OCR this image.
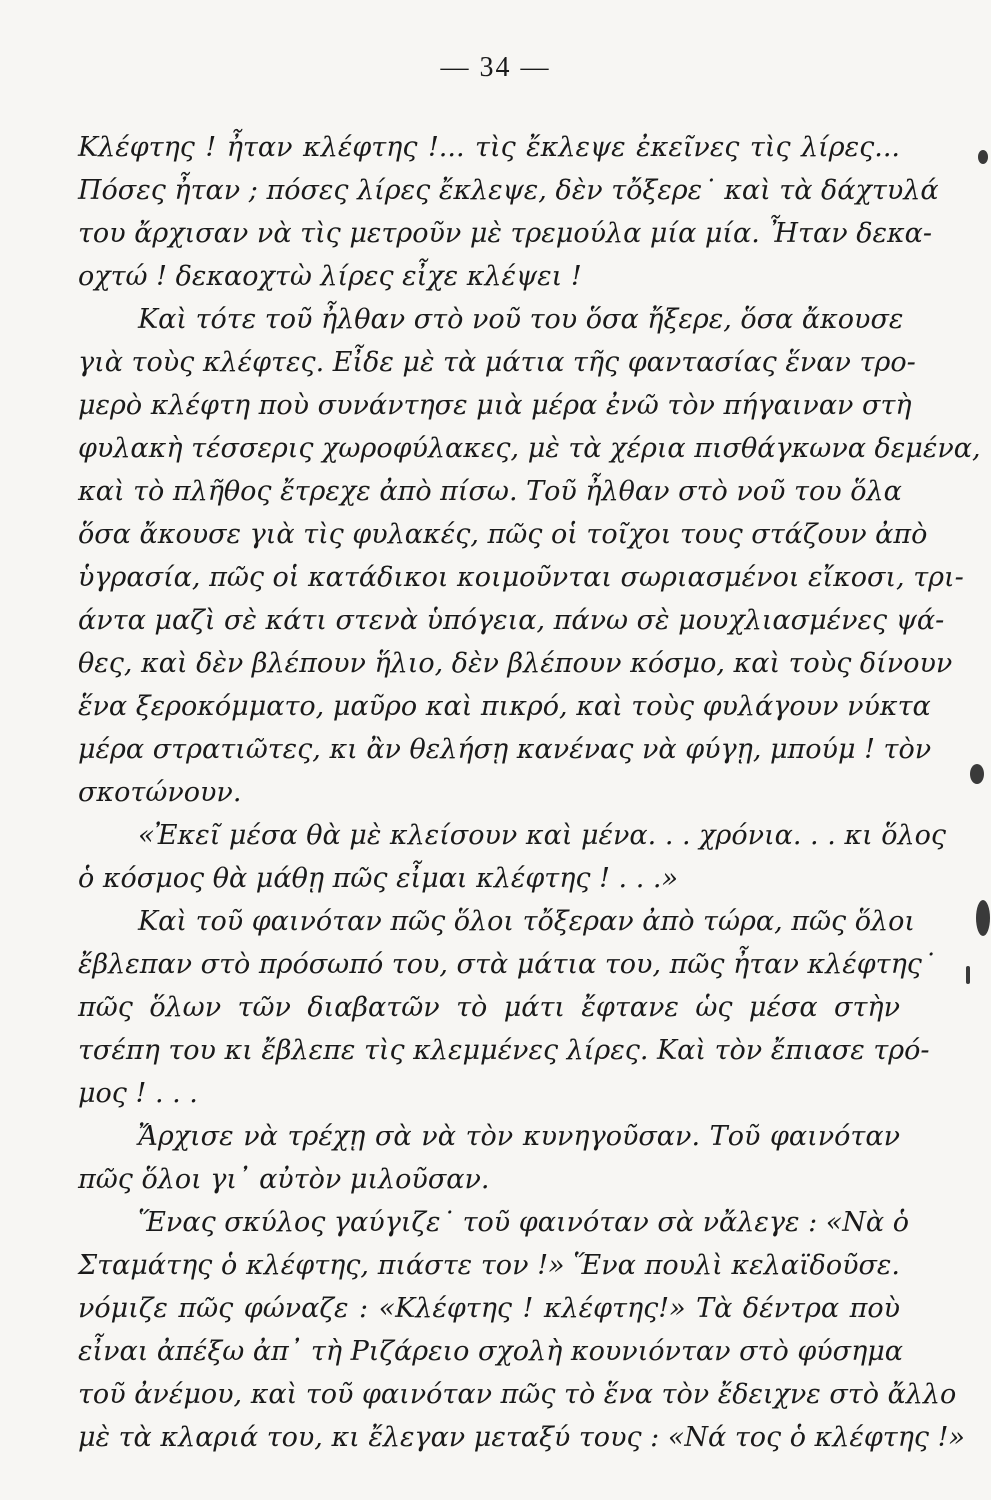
— 34 —
Κλέφτης ! ἦταν κλέφτης !... τὶς ἔκλεψε ἐκεῖνες τὶς λίρες...
Πόσες ἦταν ; πόσες λίρες ἔκλεψε, δὲν τὄξερε˙ καὶ τὰ δάχτυλά
του ἄρχισαν νὰ τὶς μετροῦν μὲ τρεμούλα μία μία. Ἦταν δεκα-
οχτώ ! δεκαοχτὼ λίρες εἶχε κλέψει !
Καὶ τότε τοῦ ἦλθαν στὸ νοῦ του ὅσα ἤξερε, ὅσα ἄκουσε
γιὰ τοὺς κλέφτες. Εἶδε μὲ τὰ μάτια τῆς φαντασίας ἕναν τρο-
μερὸ κλέφτη ποὺ συνάντησε μιὰ μέρα ἐνῶ τὸν πήγαιναν στὴ
φυλακὴ τέσσερις χωροφύλακες, μὲ τὰ χέρια πισθάγκωνα δεμένα,
καὶ τὸ πλῆθος ἔτρεχε ἀπὸ πίσω. Τοῦ ἦλθαν στὸ νοῦ του ὅλα
ὅσα ἄκουσε γιὰ τὶς φυλακές, πῶς οἱ τοῖχοι τους στάζουν ἀπὸ
ὑγρασία, πῶς οἱ κατάδικοι κοιμοῦνται σωριασμένοι εἴκοσι, τρι-
άντα μαζὶ σὲ κάτι στενὰ ὑπόγεια, πάνω σὲ μουχλιασμένες ψά-
θες, καὶ δὲν βλέπουν ἥλιο, δὲν βλέπουν κόσμο, καὶ τοὺς δίνουν
ἕνα ξεροκόμματο, μαῦρο καὶ πικρό, καὶ τοὺς φυλάγουν νύκτα
μέρα στρατιῶτες, κι ἂν θελήσῃ κανένας νὰ φύγῃ, μπούμ ! τὸν
σκοτώνουν.
«Ἐκεῖ μέσα θὰ μὲ κλείσουν καὶ μένα. . . χρόνια. . . κι ὅλος
ὁ κόσμος θὰ μάθῃ πῶς εἶμαι κλέφτης ! . . .»
Καὶ τοῦ φαινόταν πῶς ὅλοι τὄξεραν ἀπὸ τώρα, πῶς ὅλοι
ἔβλεπαν στὸ πρόσωπό του, στὰ μάτια του, πῶς ἦταν κλέφτης˙
πῶς ὅλων τῶν διαβατῶν τὸ μάτι ἔφτανε ὡς μέσα στὴν
τσέπη του κι ἔβλεπε τὶς κλεμμένες λίρες. Καὶ τὸν ἔπιασε τρό-
μος ! . . .
Ἄρχισε νὰ τρέχῃ σὰ νὰ τὸν κυνηγοῦσαν. Τοῦ φαινόταν
πῶς ὅλοι γι᾿ αὐτὸν μιλοῦσαν.
Ἕνας σκύλος γαύγιζε˙ τοῦ φαινόταν σὰ νἄλεγε : «Νὰ ὁ
Σταμάτης ὁ κλέφτης, πιάστε τον !» Ἕνα πουλὶ κελαϊδοῦσε.
νόμιζε πῶς φώναζε : «Κλέφτης ! κλέφτης!» Τὰ δέντρα ποὺ
εἶναι ἀπέξω ἀπ᾿ τὴ Ριζάρειο σχολὴ κουνιόνταν στὸ φύσημα
τοῦ ἀνέμου, καὶ τοῦ φαινόταν πῶς τὸ ἕνα τὸν ἔδειχνε στὸ ἄλλο
μὲ τὰ κλαριά του, κι ἔλεγαν μεταξύ τους : «Νά τος ὁ κλέφτης !»
